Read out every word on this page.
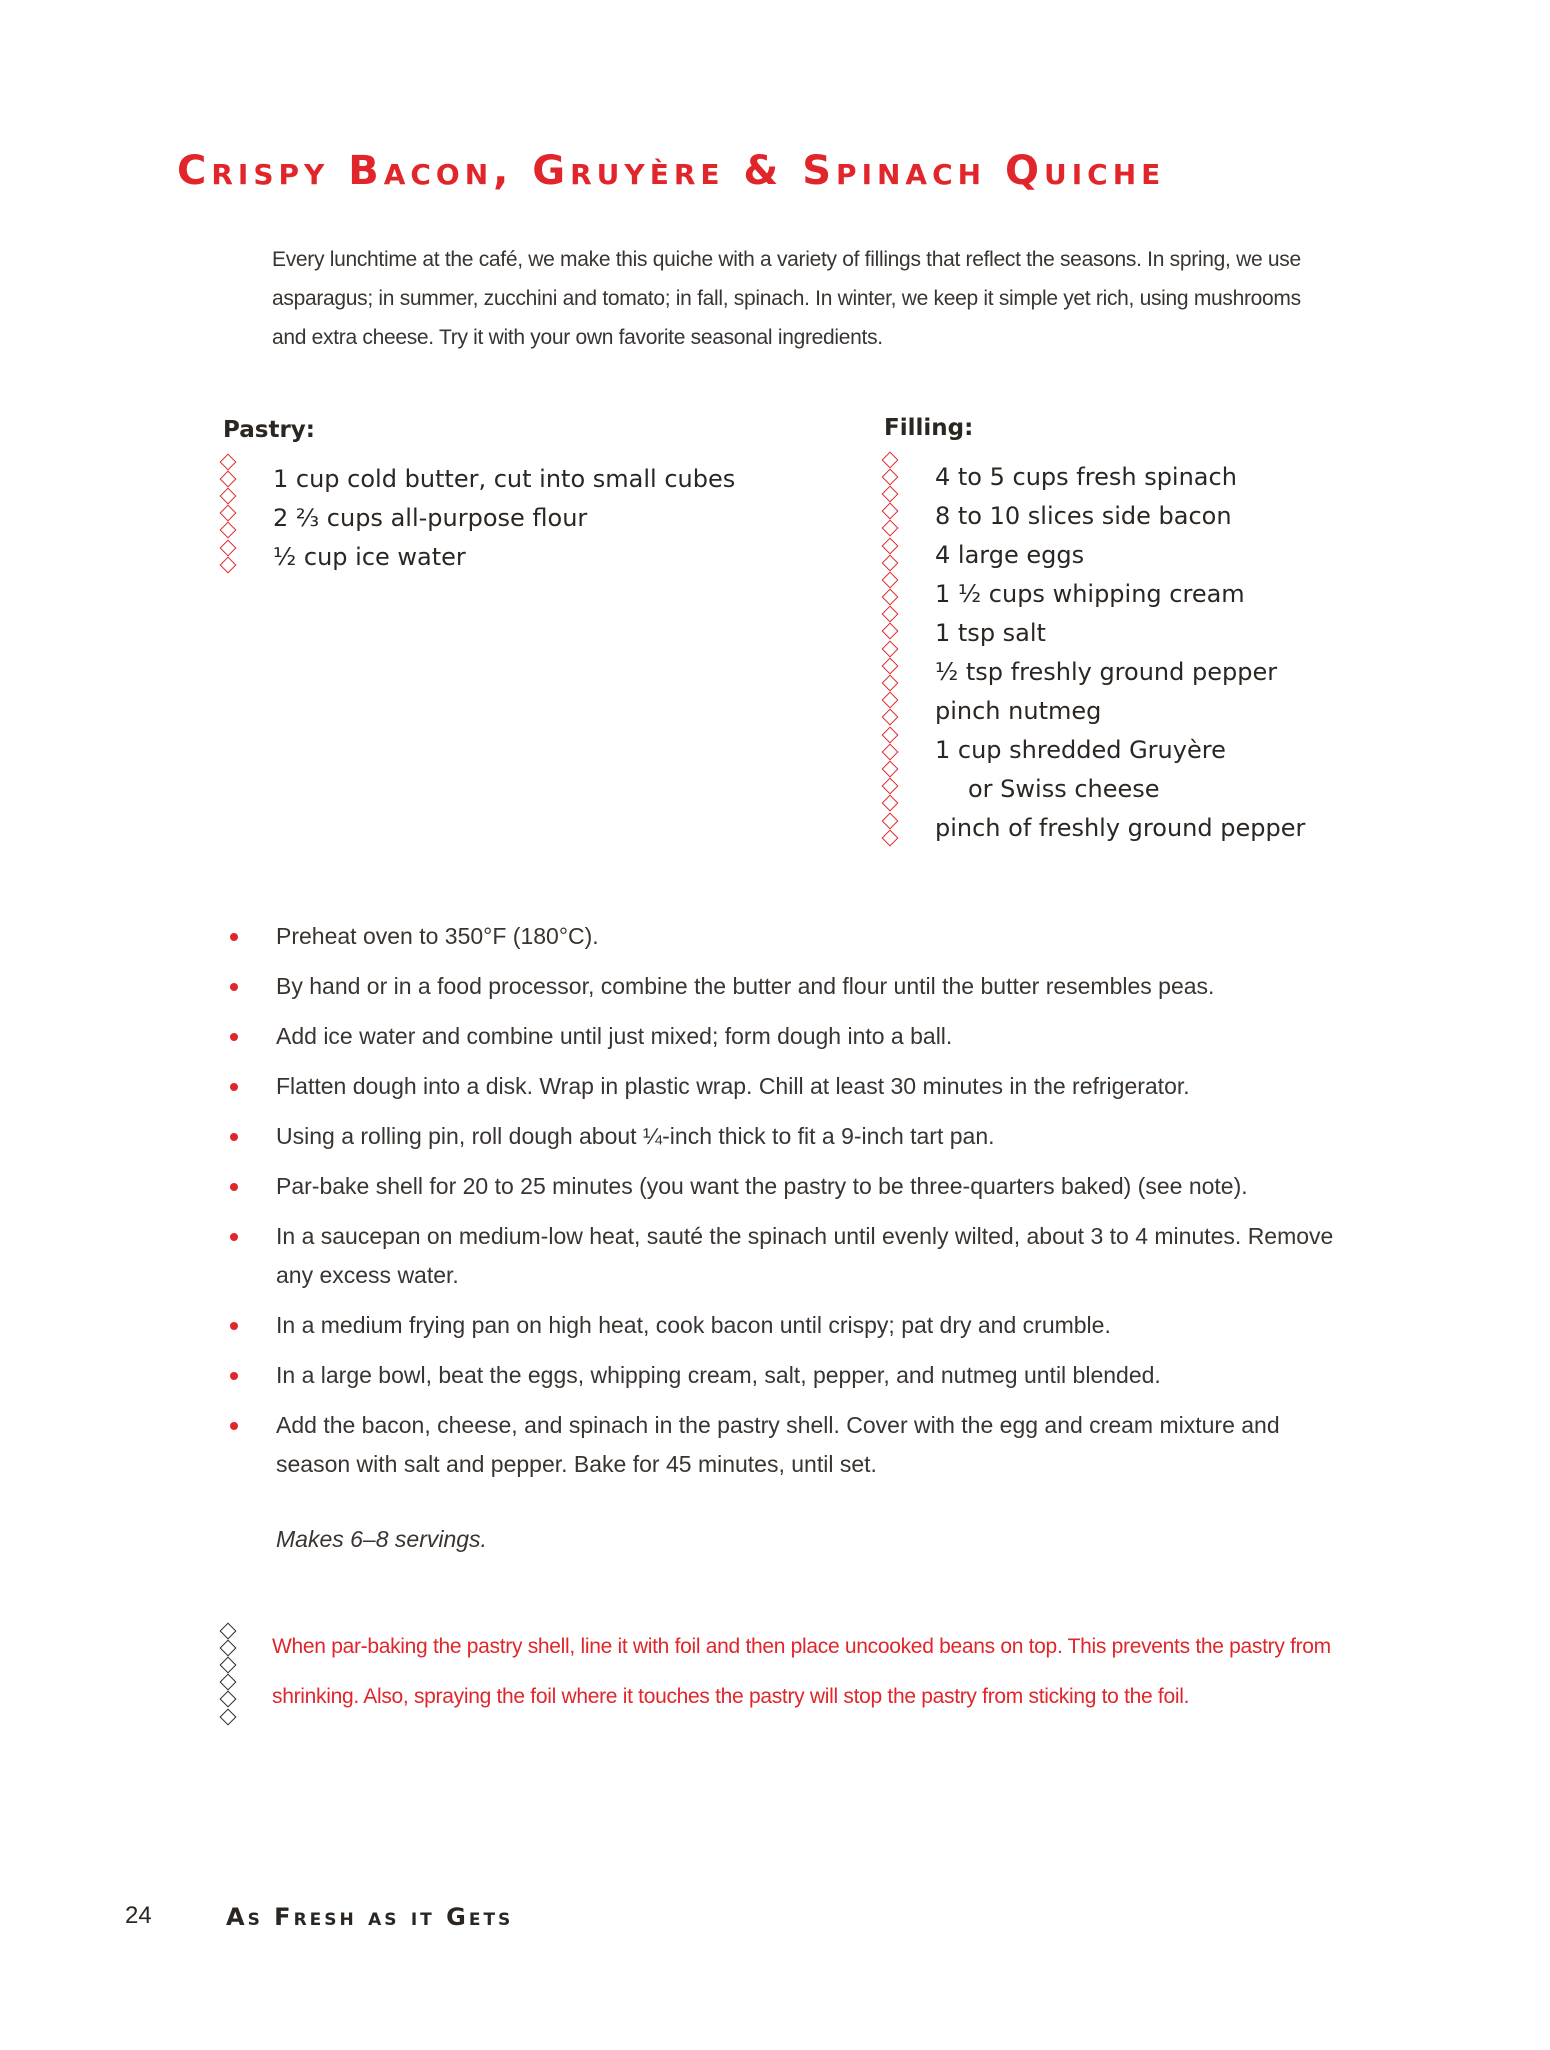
Crispy Bacon, Gruyère & Spinach Quiche

Every lunchtime at the café, we make this quiche with a variety of fillings that reflect the seasons. In spring, we use asparagus; in summer, zucchini and tomato; in fall, spinach. In winter, we keep it simple yet rich, using mushrooms and extra cheese. Try it with your own favorite seasonal ingredients.

Pastry:
1 cup cold butter, cut into small cubes
2 ⅔ cups all-purpose flour
½ cup ice water
Filling:
4 to 5 cups fresh spinach
8 to 10 slices side bacon
4 large eggs
1 ½ cups whipping cream
1 tsp salt
½ tsp freshly ground pepper
pinch nutmeg
1 cup shredded Gruyère
or Swiss cheese
pinch of freshly ground pepper
Preheat oven to 350°F (180°C).
By hand or in a food processor, combine the butter and flour until the butter resembles peas.
Add ice water and combine until just mixed; form dough into a ball.
Flatten dough into a disk. Wrap in plastic wrap. Chill at least 30 minutes in the refrigerator.
Using a rolling pin, roll dough about ¼-inch thick to fit a 9-inch tart pan.
Par-bake shell for 20 to 25 minutes (you want the pastry to be three-quarters baked) (see note).
In a saucepan on medium-low heat, sauté the spinach until evenly wilted, about 3 to 4 minutes. Remove any excess water.
In a medium frying pan on high heat, cook bacon until crispy; pat dry and crumble.
In a large bowl, beat the eggs, whipping cream, salt, pepper, and nutmeg until blended.
Add the bacon, cheese, and spinach in the pastry shell. Cover with the egg and cream mixture and season with salt and pepper. Bake for 45 minutes, until set.

Makes 6–8 servings.

When par-baking the pastry shell, line it with foil and then place uncooked beans on top. This prevents the pastry from shrinking. Also, spraying the foil where it touches the pastry will stop the pastry from sticking to the foil.

24	As Fresh as it Gets
